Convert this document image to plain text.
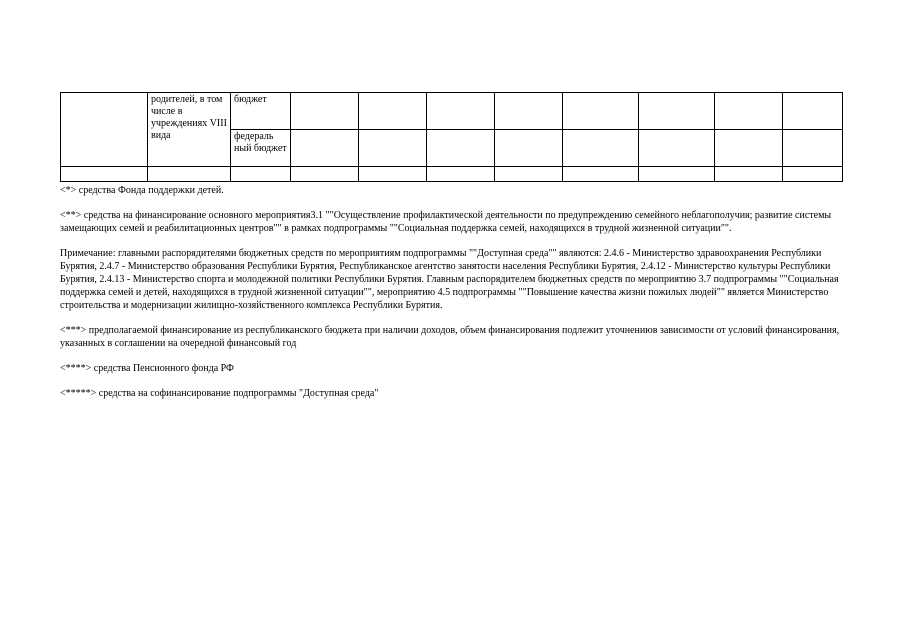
	родителей, в том числе в учреждениях VIII вида	бюджет								
		федераль ный бюджет								

<*> средства Фонда поддержки детей.

<**> средства на финансирование основного мероприятия3.1 ""Осуществление профилактической деятельности по предупреждению семейного неблагополучия; развитие системы замещающих семей и реабилитационных центров"" в рамках подпрограммы ""Социальная поддержка семей, находящихся в трудной жизненной ситуации"".

Примечание: главными распорядителями бюджетных средств по мероприятиям подпрограммы ""Доступная среда"" являются: 2.4.6 - Министерство здравоохранения Республики Бурятия, 2.4.7 - Министерство образования Республики Бурятия, Республиканское агентство занятости населения Республики Бурятия, 2.4.12 - Министерство культуры Республики Бурятия, 2.4.13 - Министерство спорта и молодежной политики Республики Бурятия. Главным распорядителем бюджетных средств по мероприятию 3.7 подпрограммы ""Социальная поддержка семей и детей, находящихся в трудной жизненной ситуации"", мероприятию 4.5 подпрограммы ""Повышение качества жизни пожилых людей"" является Министерство строительства и модернизации жилищно-хозяйственного комплекса Республики Бурятия.

<***> предполагаемой финансирование из республиканского бюджета при наличии доходов, объем финансирования подлежит уточнениюв зависимости от условий финансирования, указанных в соглашении на очередной финансовый год

<****> средства Пенсионного фонда РФ

<*****> средства на софинансирование подпрограммы "Доступная среда"
